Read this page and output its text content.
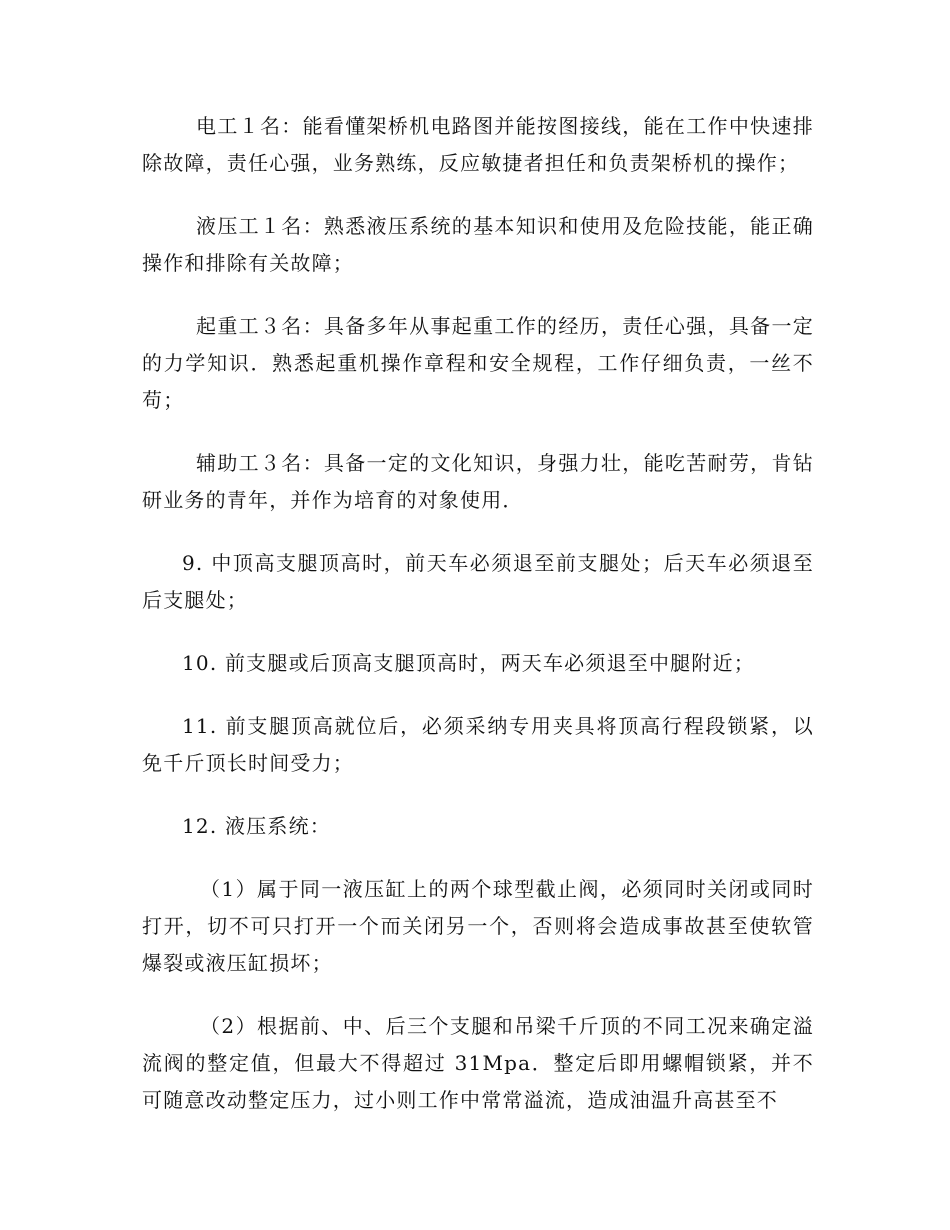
电工１名：能看懂架桥机电路图并能按图接线，能在工作中快速排除故障，责任心强，业务熟练，反应敏捷者担任和负责架桥机的操作；

液压工１名：熟悉液压系统的基本知识和使用及危险技能，能正确操作和排除有关故障；

起重工３名：具备多年从事起重工作的经历，责任心强，具备一定的力学知识．熟悉起重机操作章程和安全规程，工作仔细负责，一丝不苟；

辅助工３名：具备一定的文化知识，身强力壮，能吃苦耐劳，肯钻研业务的青年，并作为培育的对象使用．

9. 中顶高支腿顶高时，前天车必须退至前支腿处；后天车必须退至后支腿处；

10. 前支腿或后顶高支腿顶高时，两天车必须退至中腿附近；

11. 前支腿顶高就位后，必须采纳专用夹具将顶高行程段锁紧，以免千斤顶长时间受力；

12. 液压系统：

（1）属于同一液压缸上的两个球型截止阀，必须同时关闭或同时打开，切不可只打开一个而关闭另一个，否则将会造成事故甚至使软管爆裂或液压缸损坏；

（2）根据前、中、后三个支腿和吊梁千斤顶的不同工况来确定溢流阀的整定值，但最大不得超过 31Mpa．整定后即用螺帽锁紧，并不可随意改动整定压力，过小则工作中常常溢流，造成油温升高甚至不
